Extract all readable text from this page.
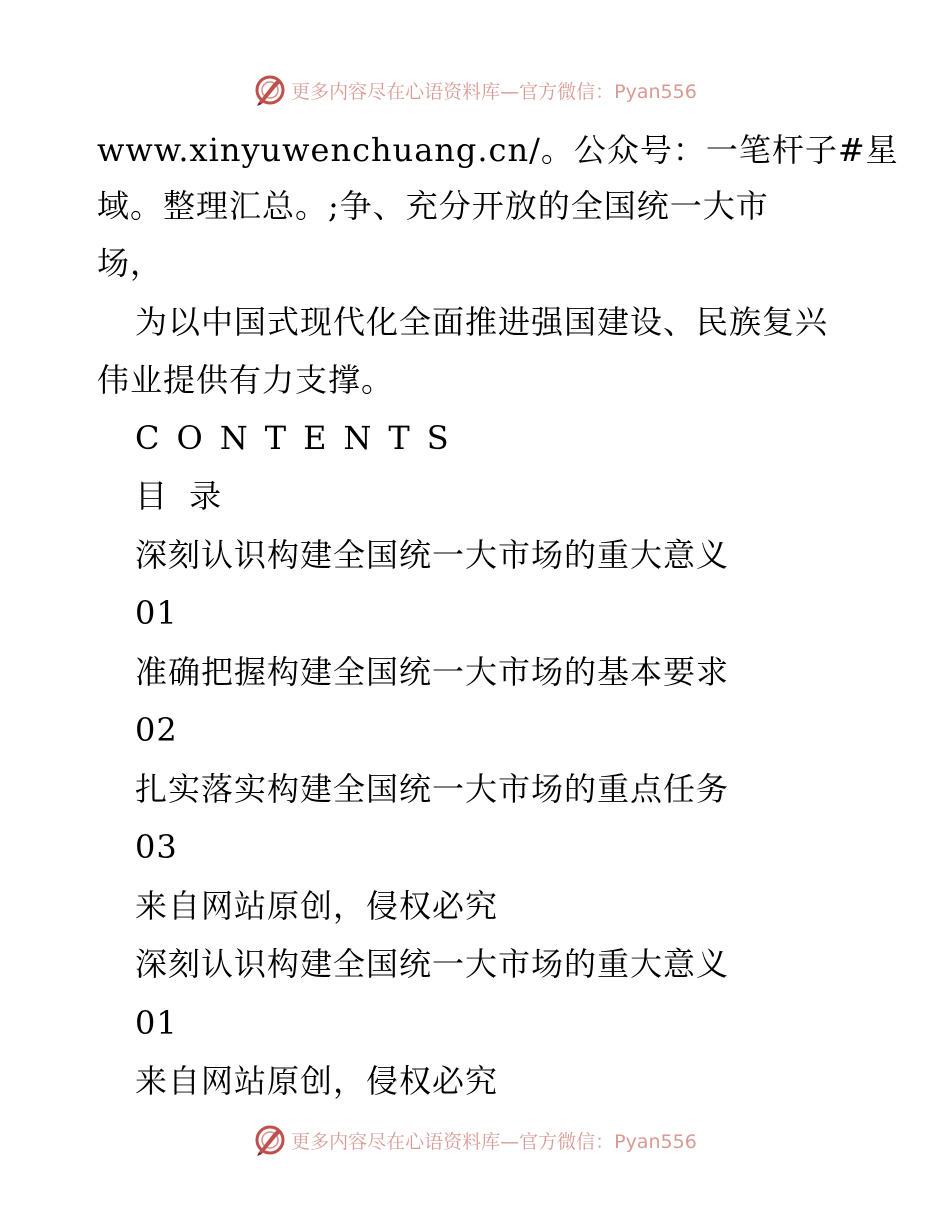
更多内容尽在心语资料库—官方微信：Pyan556
www.xinyuwenchuang.cn/。公众号：一笔杆子#星
域。整理汇总。;争、充分开放的全国统一大市
场，
为以中国式现代化全面推进强国建设、民族复兴
伟业提供有力支撑。
CONTENTS
目 录
深刻认识构建全国统一大市场的重大意义
01
准确把握构建全国统一大市场的基本要求
02
扎实落实构建全国统一大市场的重点任务
03
来自网站原创，侵权必究
深刻认识构建全国统一大市场的重大意义
01
来自网站原创，侵权必究
更多内容尽在心语资料库—官方微信：Pyan556
